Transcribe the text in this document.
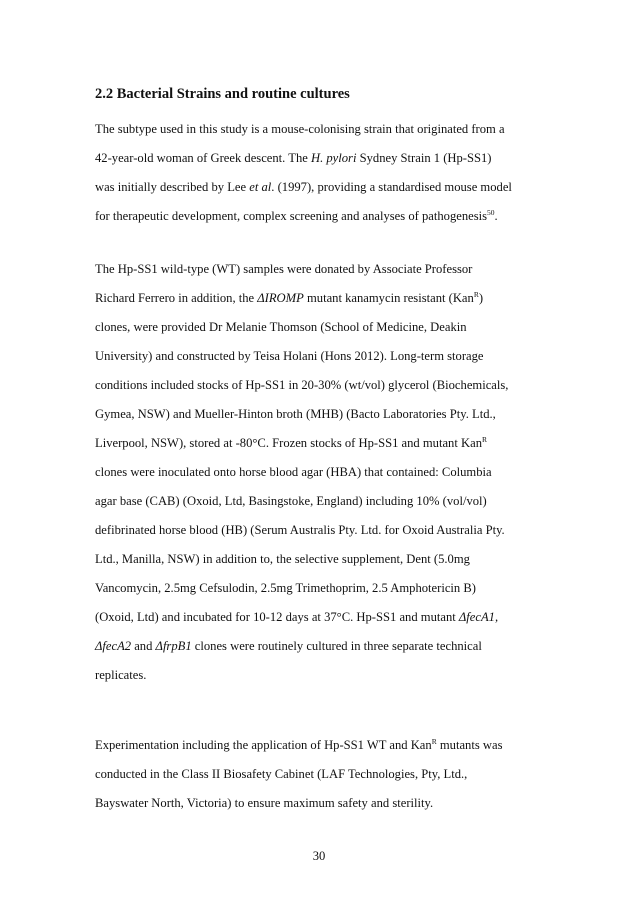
2.2 Bacterial Strains and routine cultures
The subtype used in this study is a mouse-colonising strain that originated from a
42-year-old woman of Greek descent. The H. pylori Sydney Strain 1 (Hp-SS1)
was initially described by Lee et al. (1997), providing a standardised mouse model
for therapeutic development, complex screening and analyses of pathogenesis$^{50}$.
The Hp-SS1 wild-type (WT) samples were donated by Associate Professor
Richard Ferrero in addition, the ΔIROMP mutant kanamycin resistant (Kan$^R$)
clones, were provided Dr Melanie Thomson (School of Medicine, Deakin
University) and constructed by Teisa Holani (Hons 2012). Long-term storage
conditions included stocks of Hp-SS1 in 20-30% (wt/vol) glycerol (Biochemicals,
Gymea, NSW) and Mueller-Hinton broth (MHB) (Bacto Laboratories Pty. Ltd.,
Liverpool, NSW), stored at -80°C. Frozen stocks of Hp-SS1 and mutant Kan$^R$
clones were inoculated onto horse blood agar (HBA) that contained: Columbia
agar base (CAB) (Oxoid, Ltd, Basingstoke, England) including 10% (vol/vol)
defibrinated horse blood (HB) (Serum Australis Pty. Ltd. for Oxoid Australia Pty.
Ltd., Manilla, NSW) in addition to, the selective supplement, Dent (5.0mg
Vancomycin, 2.5mg Cefsulodin, 2.5mg Trimethoprim, 2.5 Amphotericin B)
(Oxoid, Ltd) and incubated for 10-12 days at 37°C. Hp-SS1 and mutant ΔfecA1,
ΔfecA2 and ΔfrpB1 clones were routinely cultured in three separate technical
replicates.
Experimentation including the application of Hp-SS1 WT and Kan$^R$ mutants was
conducted in the Class II Biosafety Cabinet (LAF Technologies, Pty, Ltd.,
Bayswater North, Victoria) to ensure maximum safety and sterility.
30
